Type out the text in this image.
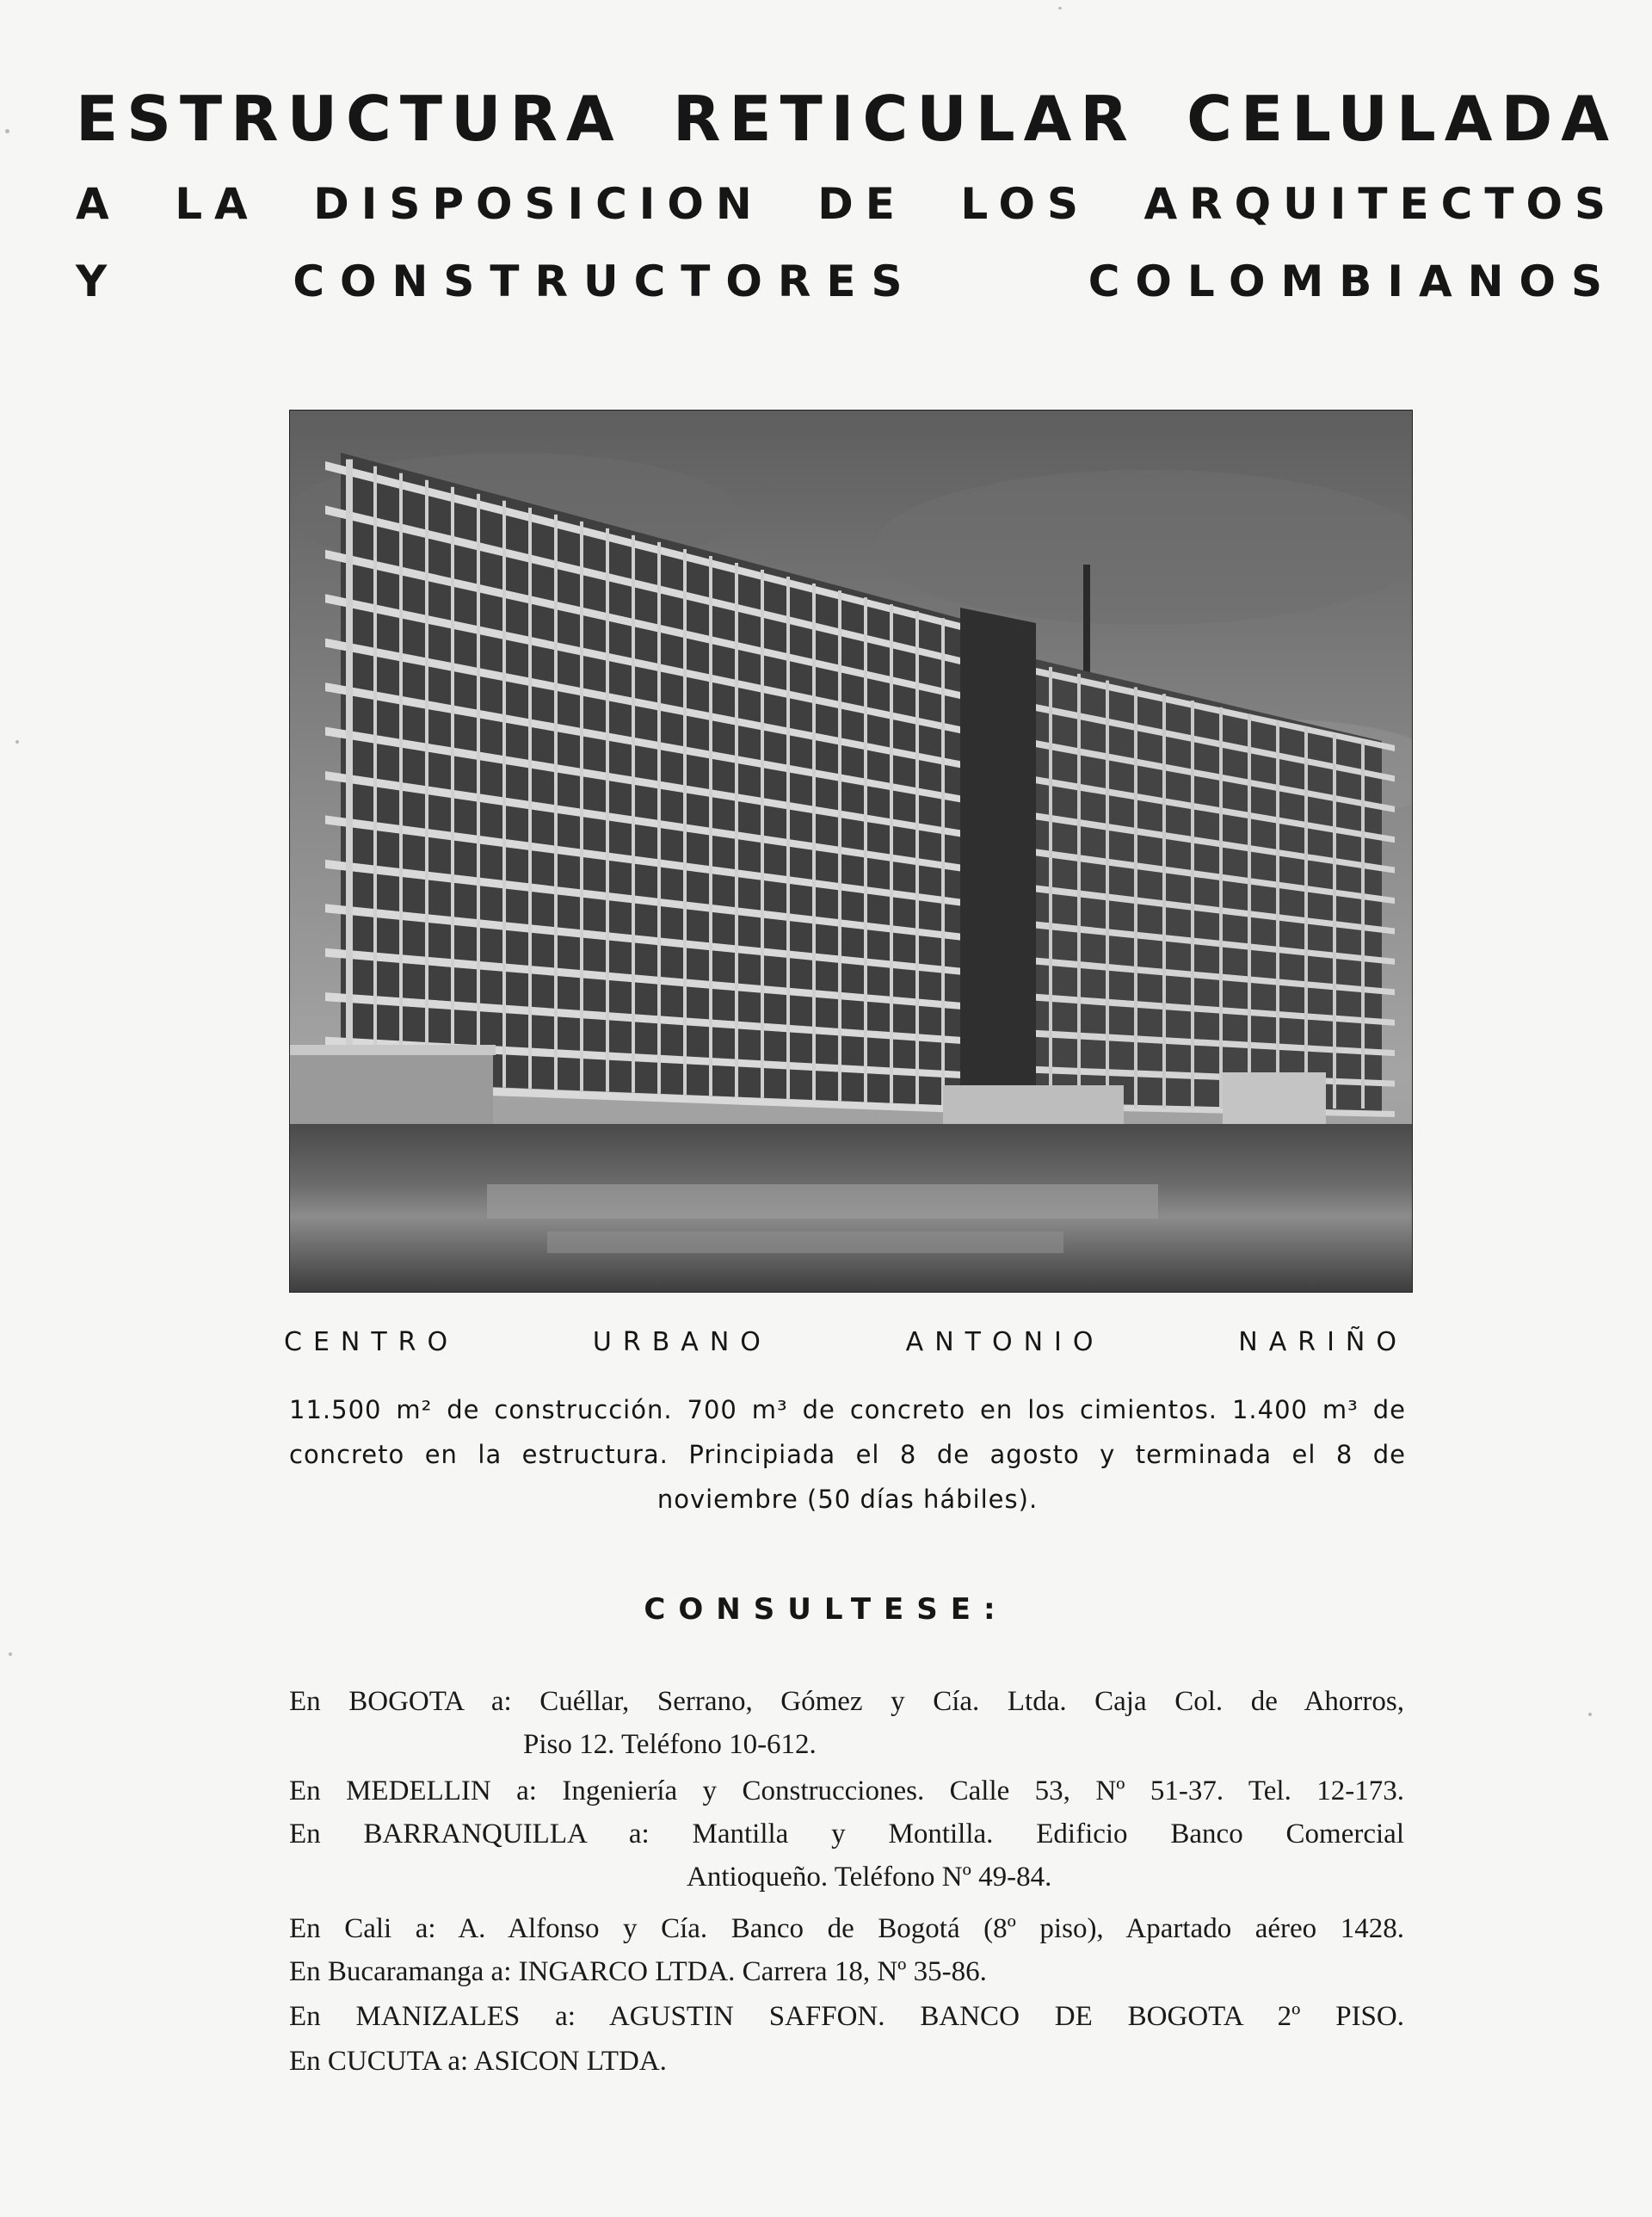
ESTRUCTURA RETICULAR CELULADA
A LA DISPOSICION DE LOS ARQUITECTOS
Y	CONSTRUCTORES	COLOMBIANOS
CENTRO	URBANO	ANTONIO	NARIÑO

11.500 m² de construcción. 700 m³ de concreto en los cimientos. 1.400 m³ de concreto en la estructura. Principiada el 8 de agosto y terminada el 8 de noviembre (50 días hábiles).

CONSULTESE:

En BOGOTA a: Cuéllar, Serrano, Gómez y Cía. Ltda. Caja Col. de Ahorros,

Piso 12. Teléfono 10-612.

En MEDELLIN a: Ingeniería y Construcciones. Calle 53, Nº 51-37. Tel. 12-173.

En BARRANQUILLA a: Mantilla y Montilla. Edificio Banco Comercial

Antioqueño. Teléfono Nº 49-84.

En Cali a: A. Alfonso y Cía. Banco de Bogotá (8º piso), Apartado aéreo 1428.

En Bucaramanga a: INGARCO LTDA. Carrera 18, Nº 35-86.

En MANIZALES a: AGUSTIN SAFFON. BANCO DE BOGOTA 2º PISO.

En CUCUTA a: ASICON LTDA.
